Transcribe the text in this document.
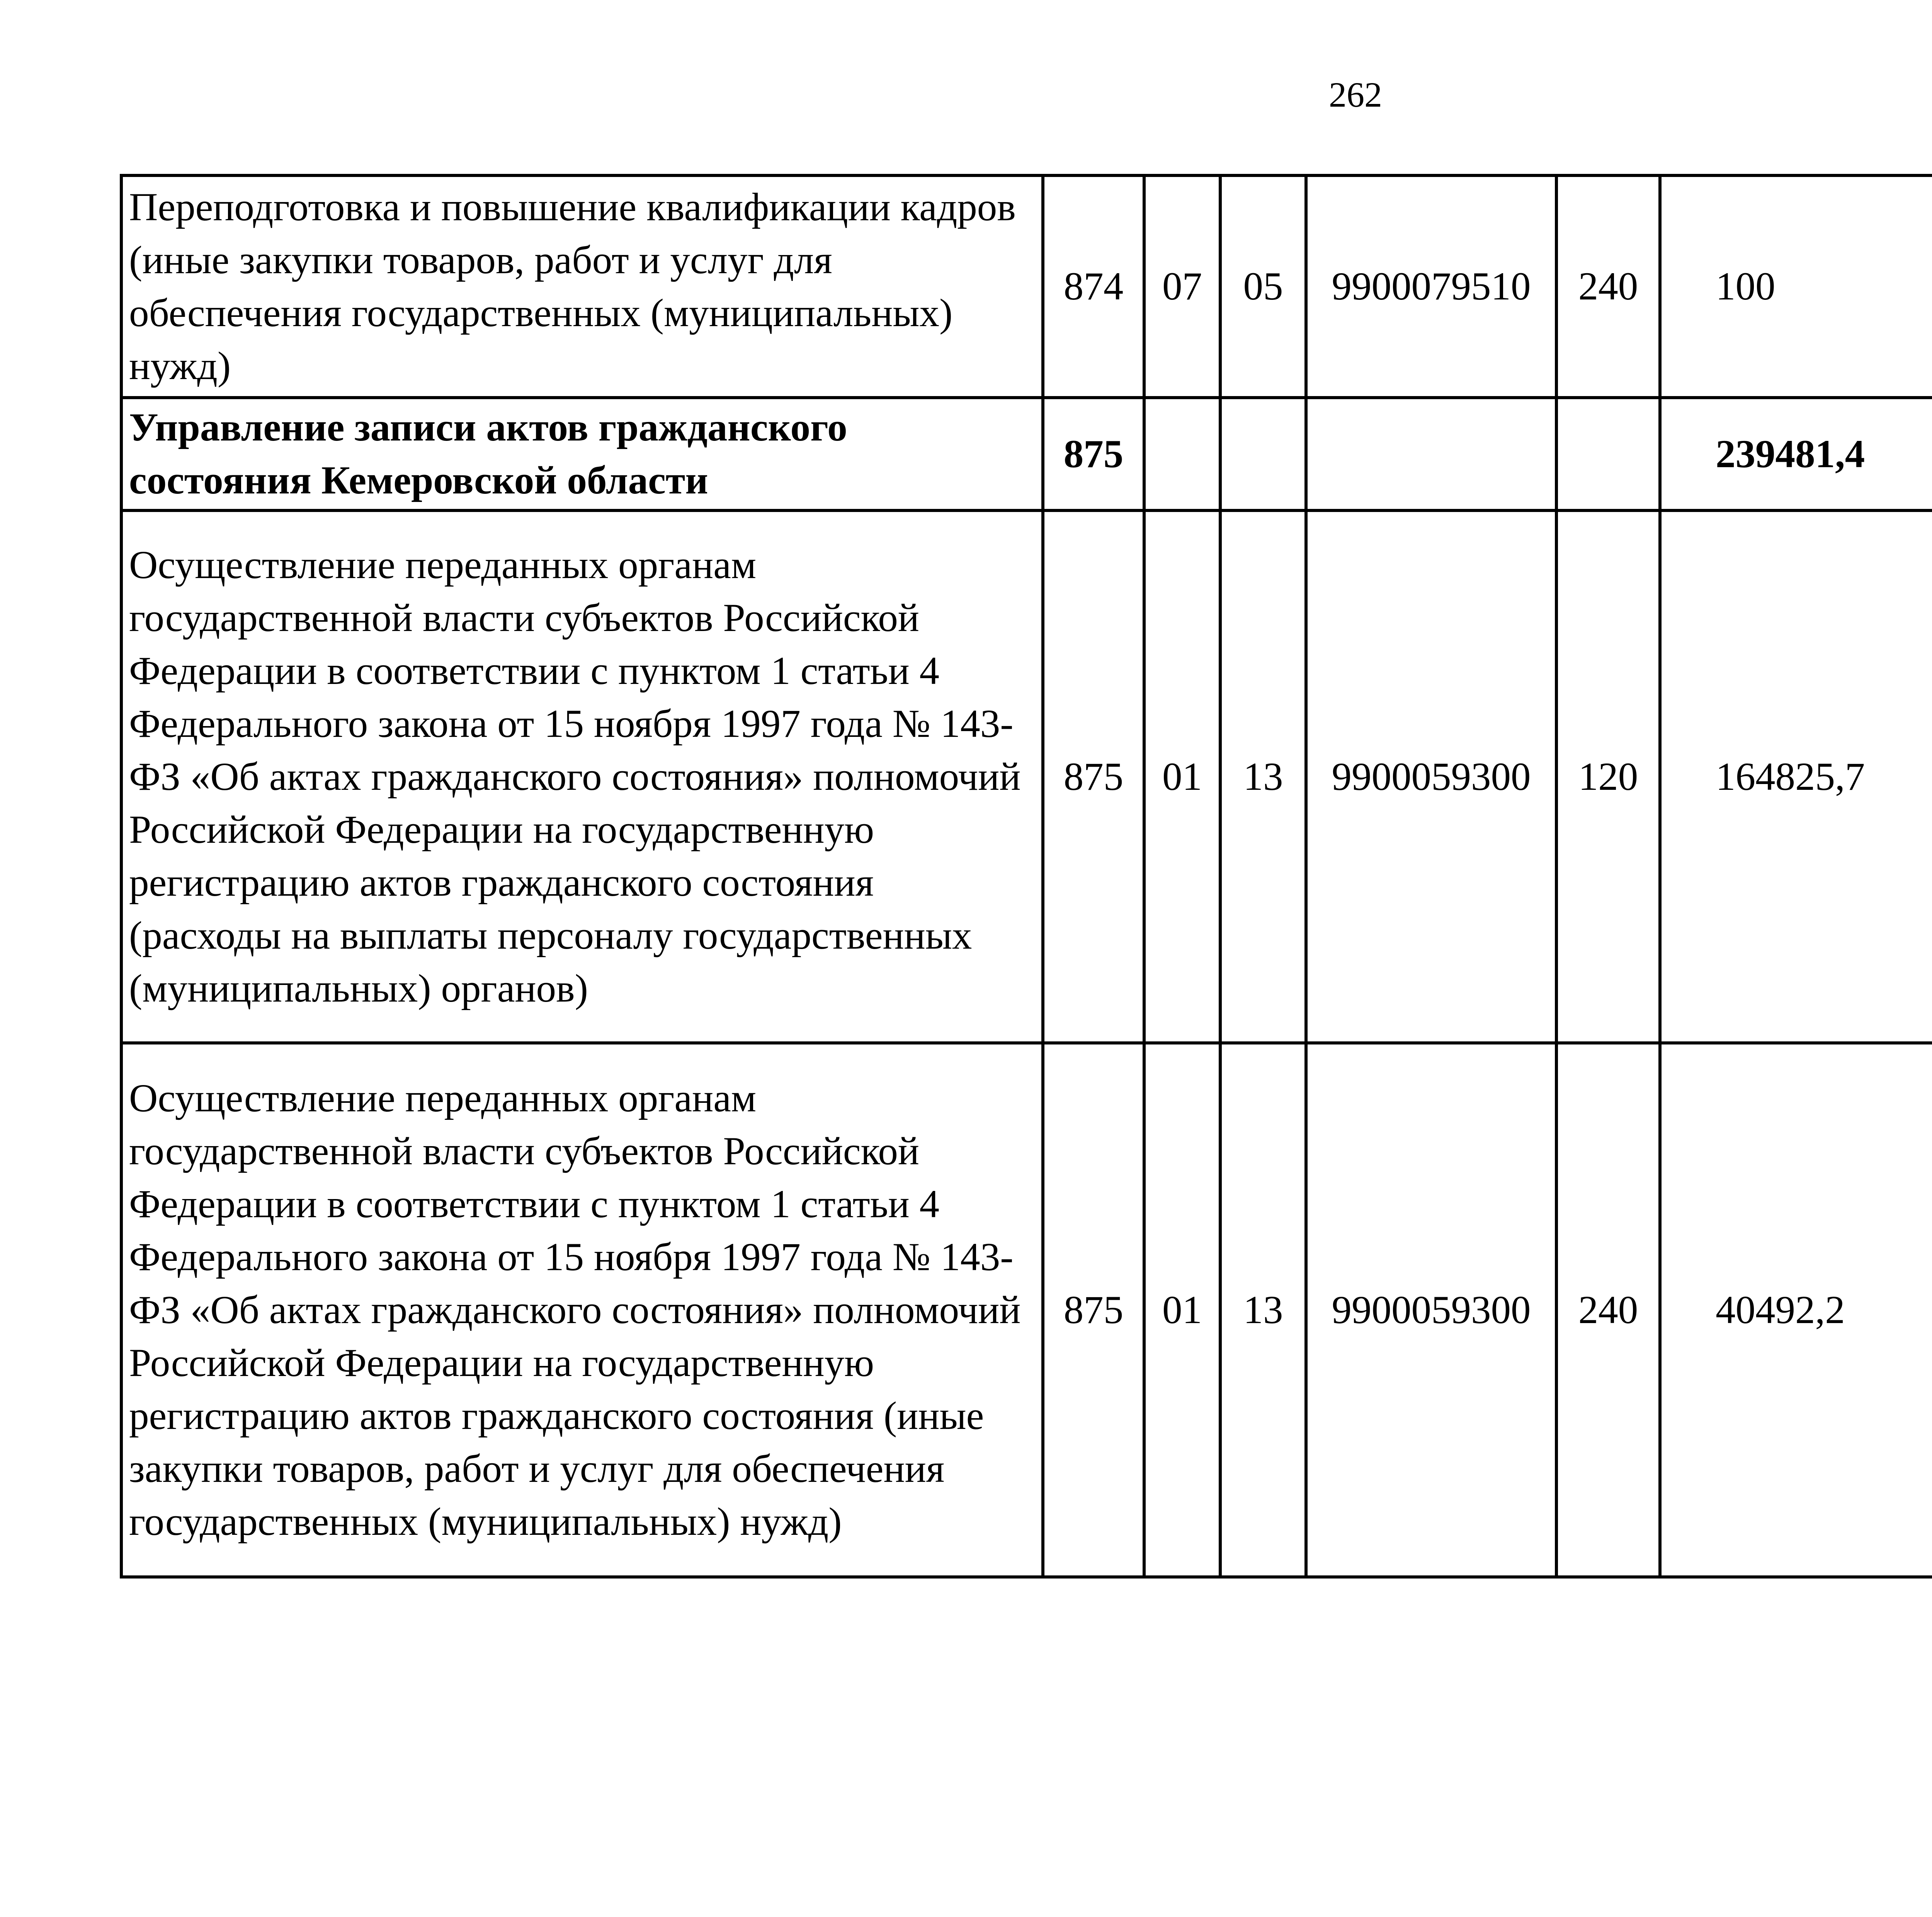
262
Переподготовка и повышение квалификации кадров (иные закупки товаров, работ и услуг для обеспечения государственных (муниципальных) нужд)	874	07	05	9900079510	240	100		
Управление записи актов гражданского состояния Кемеровской области	875					239481,4		
Осуществление переданных органам государственной власти субъектов Российской Федерации в соответствии с пунктом 1 статьи 4 Федерального закона от 15 ноября 1997 года № 143-ФЗ «Об актах гражданского состояния» полномочий Российской Федерации на государственную регистрацию актов гражданского состояния (расходы на выплаты персоналу государственных (муниципальных) органов)	875	01	13	9900059300	120	164825,7		
Осуществление переданных органам государственной власти субъектов Российской Федерации в соответствии с пунктом 1 статьи 4 Федерального закона от 15 ноября 1997 года № 143-ФЗ «Об актах гражданского состояния» полномочий Российской Федерации на государственную регистрацию актов гражданского состояния (иные закупки товаров, работ и услуг для обеспечения государственных (муниципальных) нужд)	875	01	13	9900059300	240	40492,2		
